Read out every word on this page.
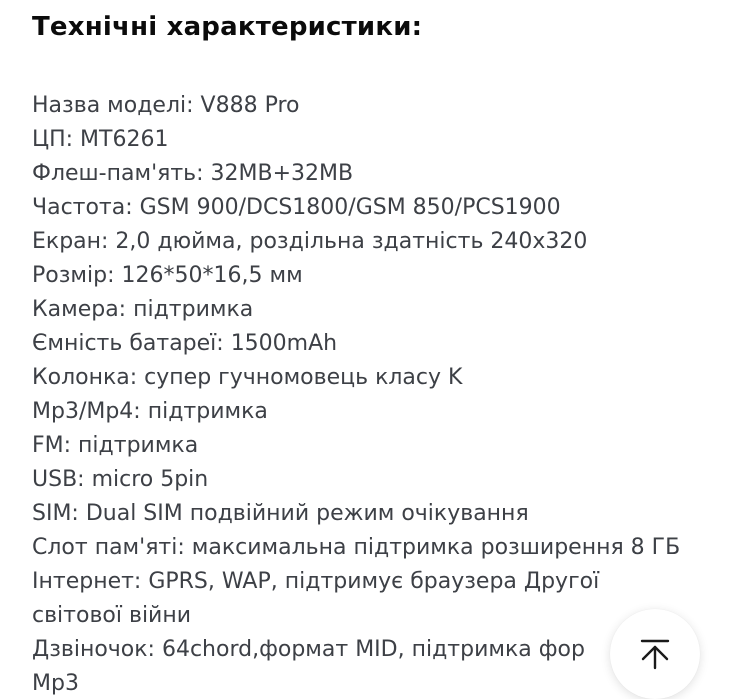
Технічні характеристики:
Назва моделі: V888 Pro
ЦП: MT6261
Флеш-пам'ять: 32MB+32MB
Частота: GSM 900/DCS1800/GSM 850/PCS1900
Екран: 2,0 дюйма, роздільна здатність 240x320
Розмір: 126*50*16,5 мм
Камера: підтримка
Ємність батареї: 1500mAh
Колонка: супер гучномовець класу K
Mp3/Mp4: підтримка
FM: підтримка
USB: micro 5pin
SIM: Dual SIM подвійний режим очікування
Слот пам'яті: максимальна підтримка розширення 8 ГБ
Інтернет: GPRS, WAP, підтримує браузера Другої
світової війни
Дзвіночок: 64chord,формат MID, підтримка фор
Mp3
